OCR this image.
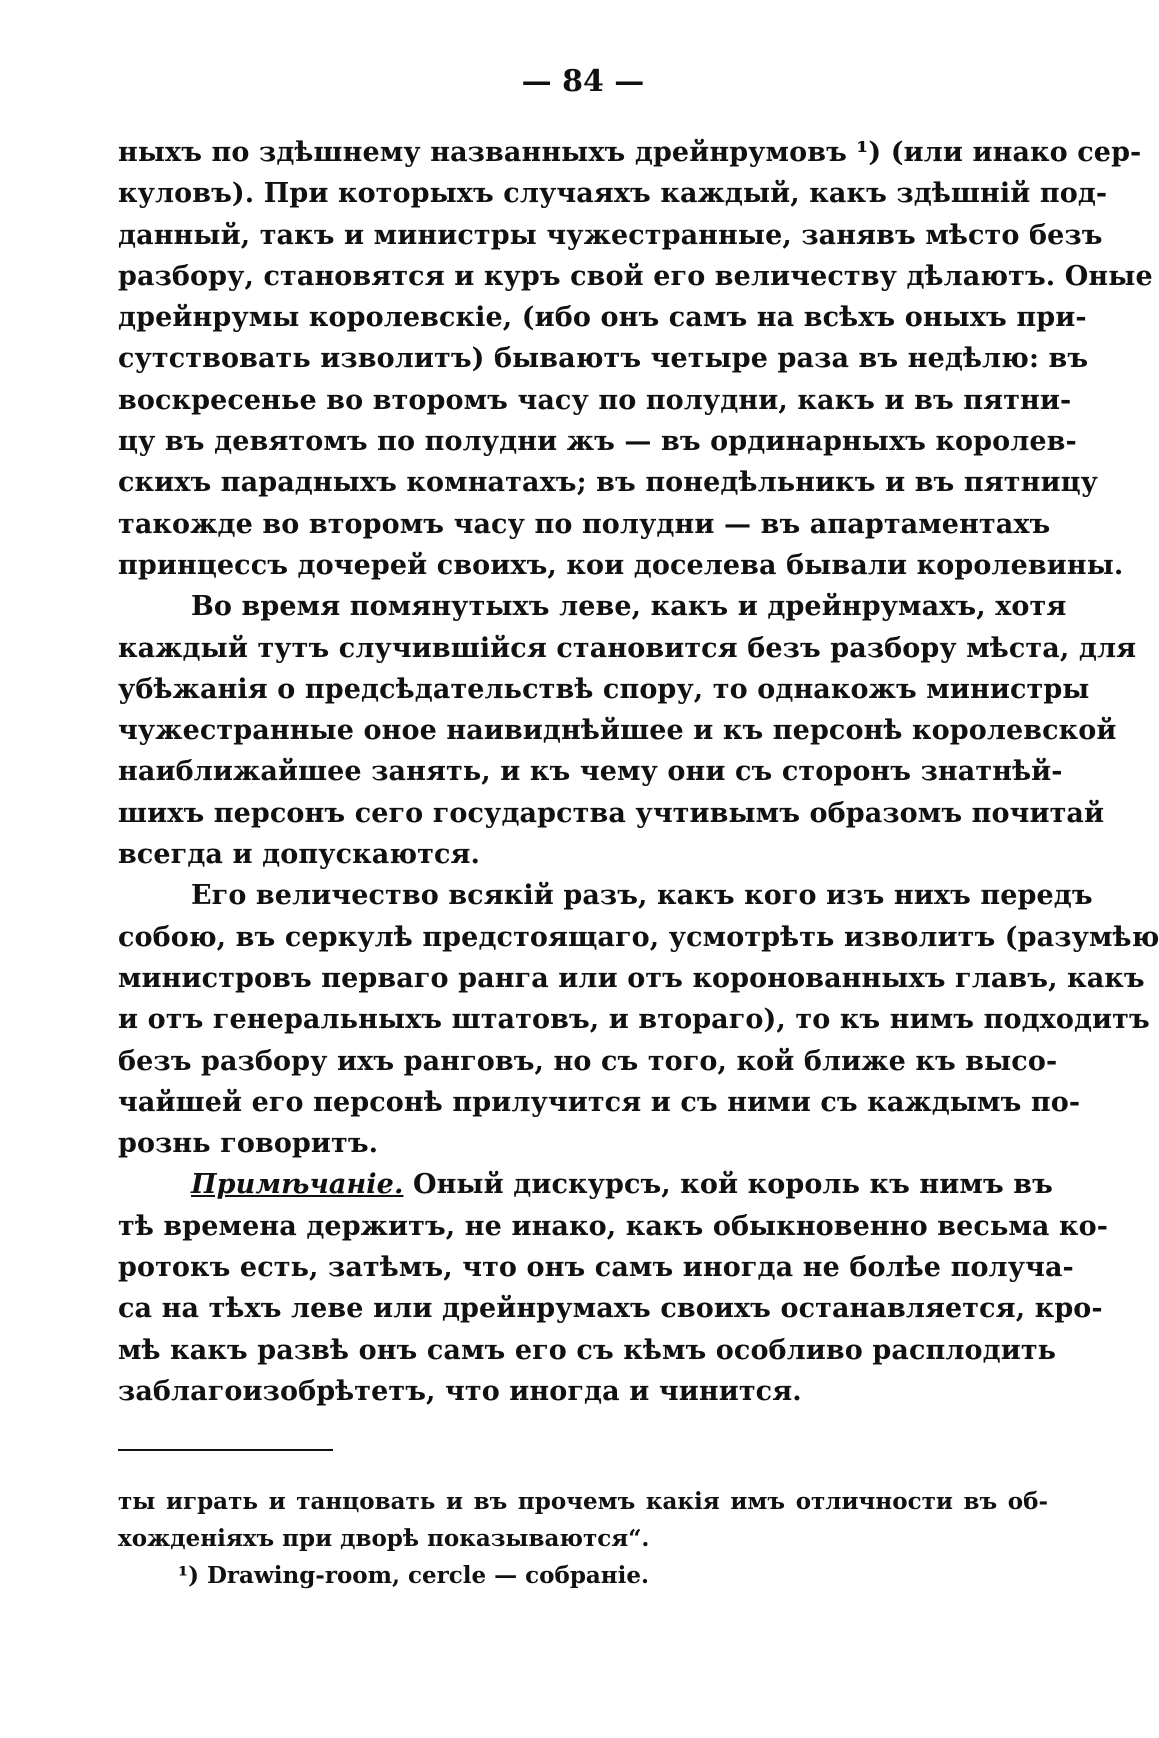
— 84 —
ныхъ по здѣшнему названныхъ дрейнрумовъ ¹) (или инако сер-
куловъ). При которыхъ случаяхъ каждый, какъ здѣшній под-
данный, такъ и министры чужестранные, занявъ мѣсто безъ
разбору, становятся и куръ свой его величеству дѣлаютъ. Оные
дрейнрумы королевскіе, (ибо онъ самъ на всѣхъ оныхъ при-
сутствовать изволитъ) бываютъ четыре раза въ недѣлю: въ
воскресенье во второмъ часу по полудни, какъ и въ пятни-
цу въ девятомъ по полудни жъ — въ ординарныхъ королев-
скихъ парадныхъ комнатахъ; въ понедѣльникъ и въ пятницу
такожде во второмъ часу по полудни — въ апартаментахъ
принцессъ дочерей своихъ, кои доселева бывали королевины.
Во время помянутыхъ леве, какъ и дрейнрумахъ, хотя
каждый тутъ случившійся становится безъ разбору мѣста, для
убѣжанія о предсѣдательствѣ спору, то однакожъ министры
чужестранные оное наивиднѣйшее и къ персонѣ королевской
наиближайшее занять, и къ чему они съ сторонъ знатнѣй-
шихъ персонъ сего государства учтивымъ образомъ почитай
всегда и допускаются.
Его величество всякій разъ, какъ кого изъ нихъ передъ
собою, въ серкулѣ предстоящаго, усмотрѣть изволитъ (разумѣю
министровъ перваго ранга или отъ коронованныхъ главъ, какъ
и отъ генеральныхъ штатовъ, и втораго), то къ нимъ подходитъ
безъ разбору ихъ ранговъ, но съ того, кой ближе къ высо-
чайшей его персонѣ прилучится и съ ними съ каждымъ по-
рознь говоритъ.
Примѣчаніе. Оный дискурсъ, кой король къ нимъ въ
тѣ времена держитъ, не инако, какъ обыкновенно весьма ко-
ротокъ есть, затѣмъ, что онъ самъ иногда не болѣе получа-
са на тѣхъ леве или дрейнрумахъ своихъ останавляется, кро-
мѣ какъ развѣ онъ самъ его съ кѣмъ особливо расплодить
заблагоизобрѣтетъ, что иногда и чинится.
ты играть и танцовать и въ прочемъ какія имъ отличности въ об-
хожденіяхъ при дворѣ показываются“.
¹) Drawing-room, cercle — собраніе.
